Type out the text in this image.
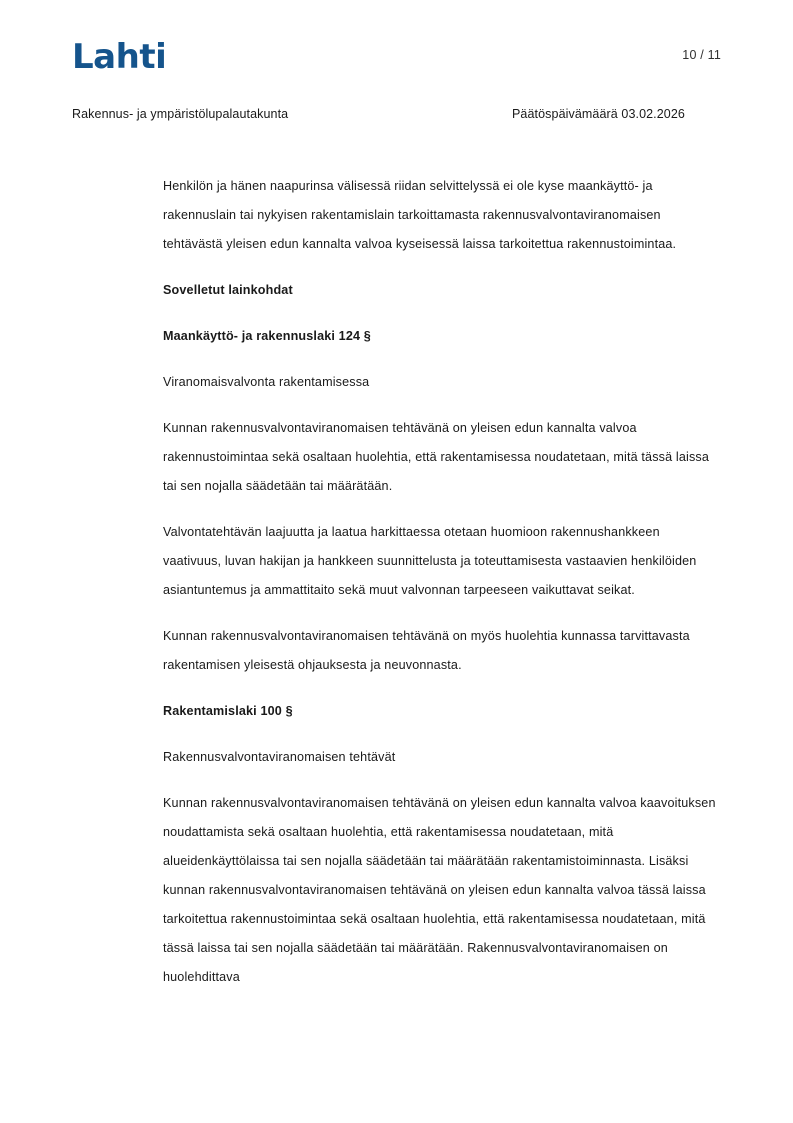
Lahti	10 / 11
Rakennus- ja ympäristölupalautakunta	Päätöspäivämäärä 03.02.2026

Henkilön ja hänen naapurinsa välisessä riidan selvittelyssä ei ole kyse maankäyttö- ja rakennuslain tai nykyisen rakentamislain tarkoittamasta rakennusvalvontaviranomaisen tehtävästä yleisen edun kannalta valvoa kyseisessä laissa tarkoitettua rakennustoimintaa.

Sovelletut lainkohdat

Maankäyttö- ja rakennuslaki 124 §

Viranomaisvalvonta rakentamisessa

Kunnan rakennusvalvontaviranomaisen tehtävänä on yleisen edun kannalta valvoa rakennustoimintaa sekä osaltaan huolehtia, että rakentamisessa noudatetaan, mitä tässä laissa tai sen nojalla säädetään tai määrätään.

Valvontatehtävän laajuutta ja laatua harkittaessa otetaan huomioon rakennushankkeen vaativuus, luvan hakijan ja hankkeen suunnittelusta ja toteuttamisesta vastaavien henkilöiden asiantuntemus ja ammattitaito sekä muut valvonnan tarpeeseen vaikuttavat seikat.

Kunnan rakennusvalvontaviranomaisen tehtävänä on myös huolehtia kunnassa tarvittavasta rakentamisen yleisestä ohjauksesta ja neuvonnasta.

Rakentamislaki 100 §

Rakennusvalvontaviranomaisen tehtävät

Kunnan rakennusvalvontaviranomaisen tehtävänä on yleisen edun kannalta valvoa kaavoituksen noudattamista sekä osaltaan huolehtia, että rakentamisessa noudatetaan, mitä alueidenkäyttölaissa tai sen nojalla säädetään tai määrätään rakentamistoiminnasta. Lisäksi kunnan rakennusvalvontaviranomaisen tehtävänä on yleisen edun kannalta valvoa tässä laissa tarkoitettua rakennustoimintaa sekä osaltaan huolehtia, että rakentamisessa noudatetaan, mitä tässä laissa tai sen nojalla säädetään tai määrätään. Rakennusvalvontaviranomaisen on huolehdittava
